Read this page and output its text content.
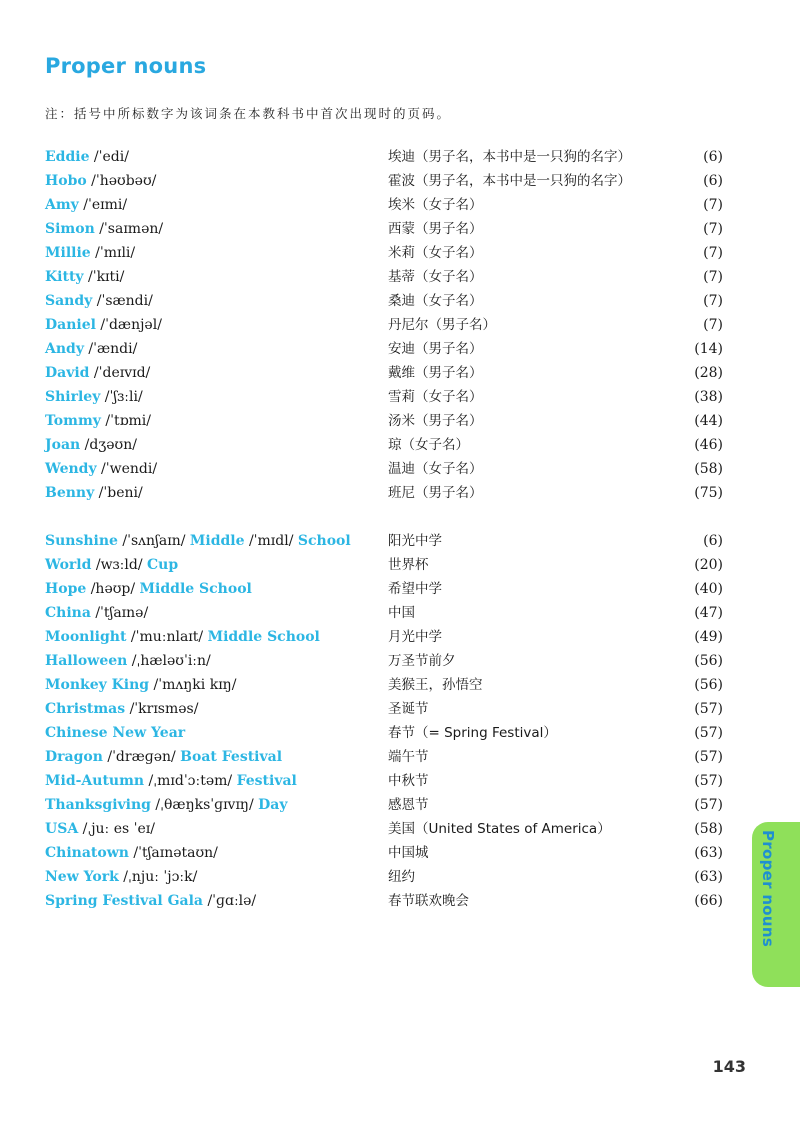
Proper nouns
注：括号中所标数字为该词条在本教科书中首次出现时的页码。
Eddie /ˈedi/	埃迪（男子名，本书中是一只狗的名字）	(6)
Hobo /ˈhəʊbəʊ/	霍波（男子名，本书中是一只狗的名字）	(6)
Amy /ˈeɪmi/	埃米（女子名）	(7)
Simon /ˈsaɪmən/	西蒙（男子名）	(7)
Millie /ˈmɪli/	米莉（女子名）	(7)
Kitty /ˈkɪti/	基蒂（女子名）	(7)
Sandy /ˈsændi/	桑迪（女子名）	(7)
Daniel /ˈdænjəl/	丹尼尔（男子名）	(7)
Andy /ˈændi/	安迪（男子名）	(14)
David /ˈdeɪvɪd/	戴维（男子名）	(28)
Shirley /ˈʃɜːli/	雪莉（女子名）	(38)
Tommy /ˈtɒmi/	汤米（男子名）	(44)
Joan /dʒəʊn/	琼（女子名）	(46)
Wendy /ˈwendi/	温迪（女子名）	(58)
Benny /ˈbeni/	班尼（男子名）	(75)
Sunshine /ˈsʌnʃaɪn/ Middle /ˈmɪdl/ School	阳光中学	(6)
World /wɜːld/ Cup	世界杯	(20)
Hope /həʊp/ Middle School	希望中学	(40)
China /ˈtʃaɪnə/	中国	(47)
Moonlight /ˈmuːnlaɪt/ Middle School	月光中学	(49)
Halloween /ˌhæləʊˈiːn/	万圣节前夕	(56)
Monkey King /ˈmʌŋki kɪŋ/	美猴王，孙悟空	(56)
Christmas /ˈkrɪsməs/	圣诞节	(57)
Chinese New Year	春节（= Spring Festival）	(57)
Dragon /ˈdræɡən/ Boat Festival	端午节	(57)
Mid-Autumn /ˌmɪdˈɔːtəm/ Festival	中秋节	(57)
Thanksgiving /ˌθæŋksˈɡɪvɪŋ/ Day	感恩节	(57)
USA /ˌjuː es ˈeɪ/	美国（United States of America）	(58)
Chinatown /ˈtʃaɪnətaʊn/	中国城	(63)
New York /ˌnjuː ˈjɔːk/	纽约	(63)
Spring Festival Gala /ˈɡɑːlə/	春节联欢晚会	(66) Proper nouns
143
